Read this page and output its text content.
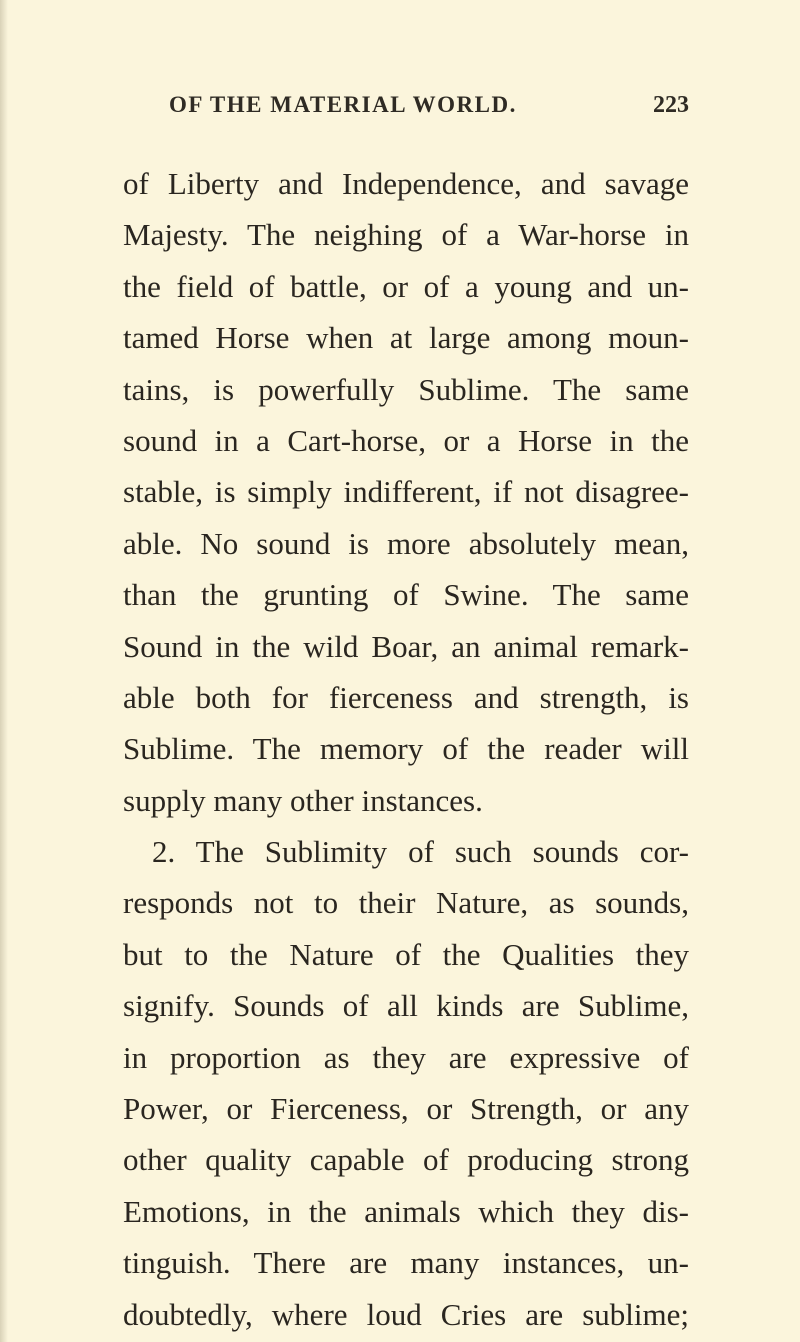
OF THE MATERIAL WORLD.	223
of Liberty and Independence, and savage
Majesty. The neighing of a War-horse in
the field of battle, or of a young and un-
tamed Horse when at large among moun-
tains, is powerfully Sublime. The same
sound in a Cart-horse, or a Horse in the
stable, is simply indifferent, if not disagree-
able. No sound is more absolutely mean,
than the grunting of Swine. The same
Sound in the wild Boar, an animal remark-
able both for fierceness and strength, is
Sublime. The memory of the reader will
supply many other instances.
2. The Sublimity of such sounds cor-
responds not to their Nature, as sounds,
but to the Nature of the Qualities they
signify. Sounds of all kinds are Sublime,
in proportion as they are expressive of
Power, or Fierceness, or Strength, or any
other quality capable of producing strong
Emotions, in the animals which they dis-
tinguish. There are many instances, un-
doubtedly, where loud Cries are sublime;
